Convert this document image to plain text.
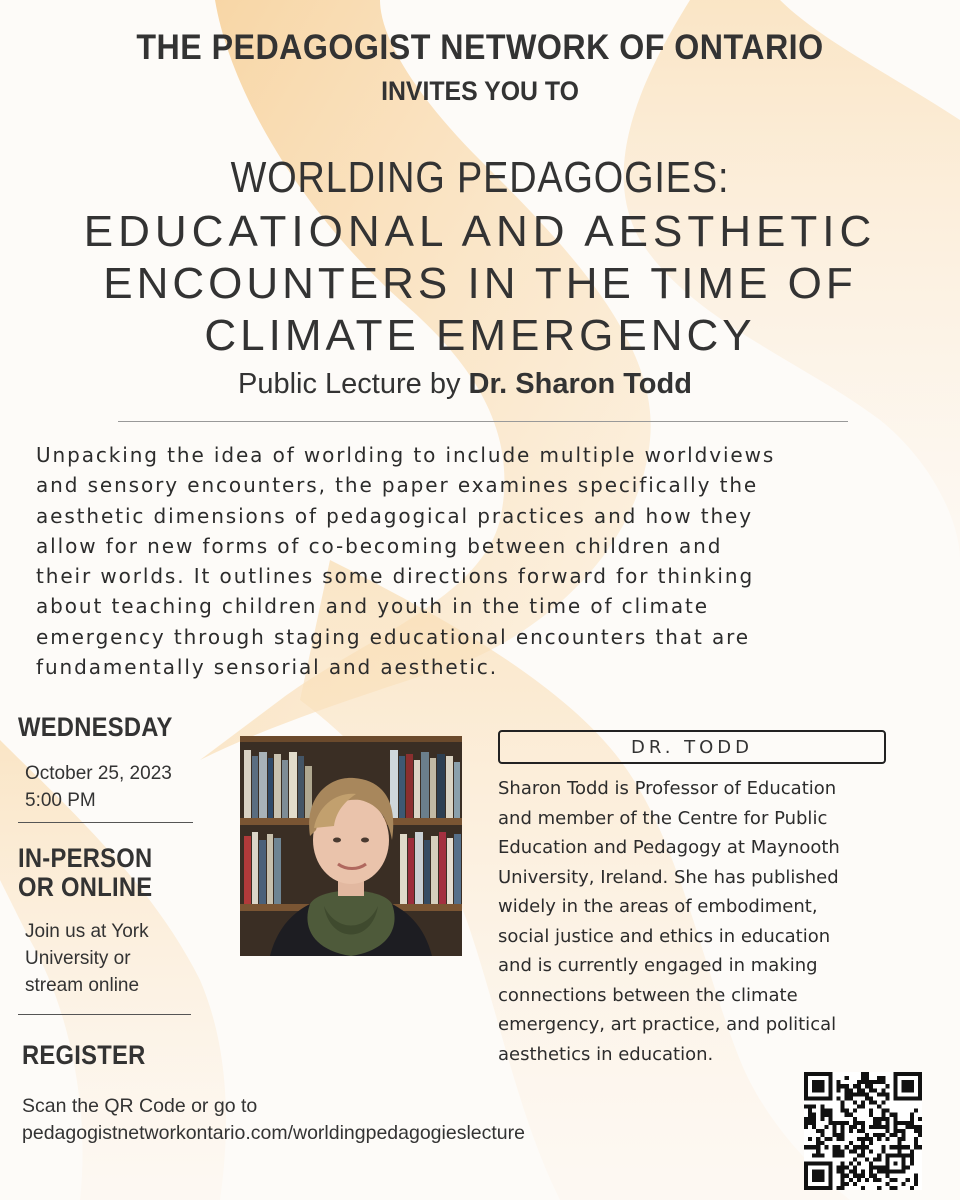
THE PEDAGOGIST NETWORK OF ONTARIO
INVITES YOU TO
WORLDING PEDAGOGIES:
EDUCATIONAL AND AESTHETIC
ENCOUNTERS IN THE TIME OF
CLIMATE EMERGENCY
Public Lecture by Dr. Sharon Todd
Unpacking the idea of worlding to include multiple worldviews
and sensory encounters, the paper examines specifically the
aesthetic dimensions of pedagogical practices and how they
allow for new forms of co-becoming between children and
their worlds. It outlines some directions forward for thinking
about teaching children and youth in the time of climate
emergency through staging educational encounters that are
fundamentally sensorial and aesthetic.
WEDNESDAY
October 25, 2023
5:00 PM
IN-PERSON
OR ONLINE
Join us at York
University or
stream online
REGISTER
Scan the QR Code or go to
pedagogistnetworkontario.com/worldingpedagogieslecture
DR. TODD
Sharon Todd is Professor of Education
and member of the Centre for Public
Education and Pedagogy at Maynooth
University, Ireland. She has published
widely in the areas of embodiment,
social justice and ethics in education
and is currently engaged in making
connections between the climate
emergency, art practice, and political
aesthetics in education.
